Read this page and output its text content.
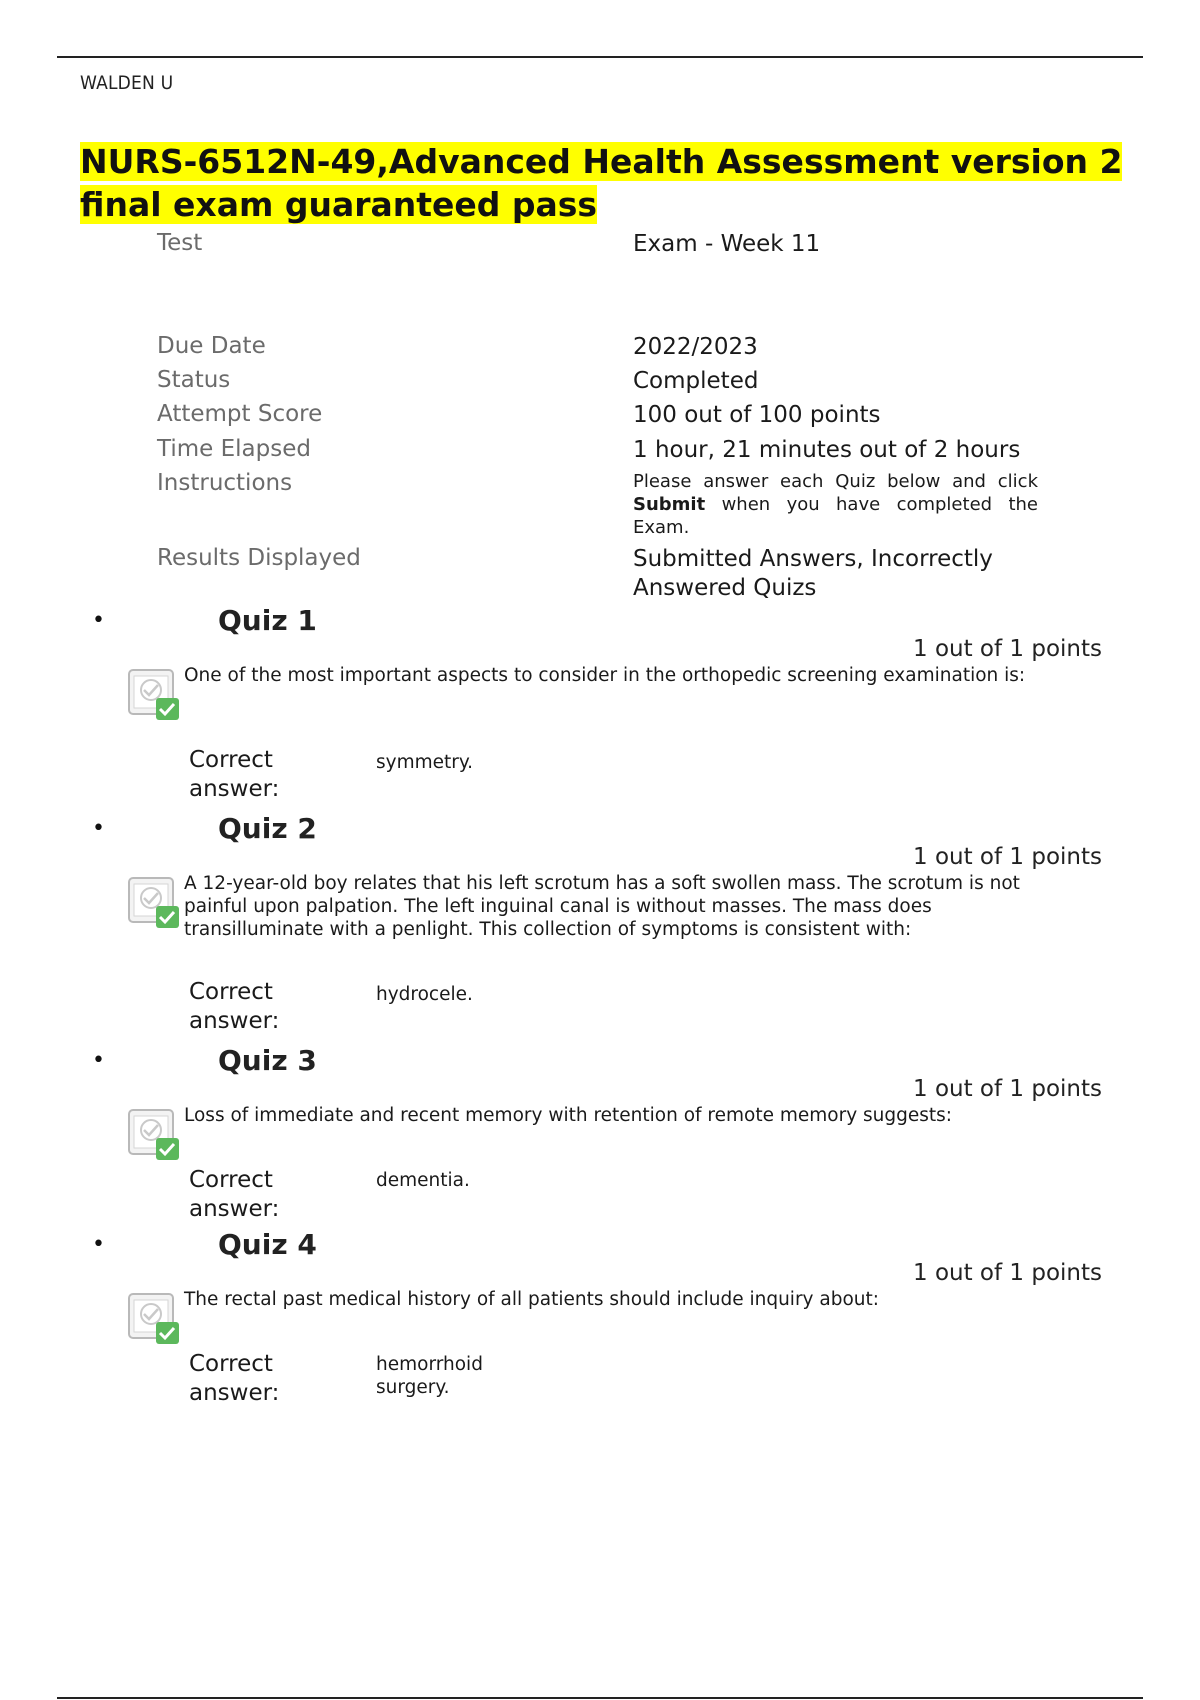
WALDEN U
NURS-6512N-49,Advanced Health Assessment version 2 final exam guaranteed pass
Test	Exam - Week 11
Due Date	2022/2023
Status	Completed
Attempt Score	100 out of 100 points
Time Elapsed	1 hour, 21 minutes out of 2 hours
Instructions	Please answer each Quiz below and click Submit when you have completed the Exam.
Results Displayed	Submitted Answers, Incorrectly Answered Quizs
•	Quiz 1
1 out of 1 points
One of the most important aspects to consider in the orthopedic screening examination is:
Correct answer:
symmetry.
•	Quiz 2
1 out of 1 points
A 12-year-old boy relates that his left scrotum has a soft swollen mass. The scrotum is not painful upon palpation. The left inguinal canal is without masses. The mass does transilluminate with a penlight. This collection of symptoms is consistent with:
Correct answer:
hydrocele.
•	Quiz 3
1 out of 1 points
Loss of immediate and recent memory with retention of remote memory suggests:
Correct answer:
dementia.
•	Quiz 4
1 out of 1 points
The rectal past medical history of all patients should include inquiry about:
Correct answer:
hemorrhoid surgery.
